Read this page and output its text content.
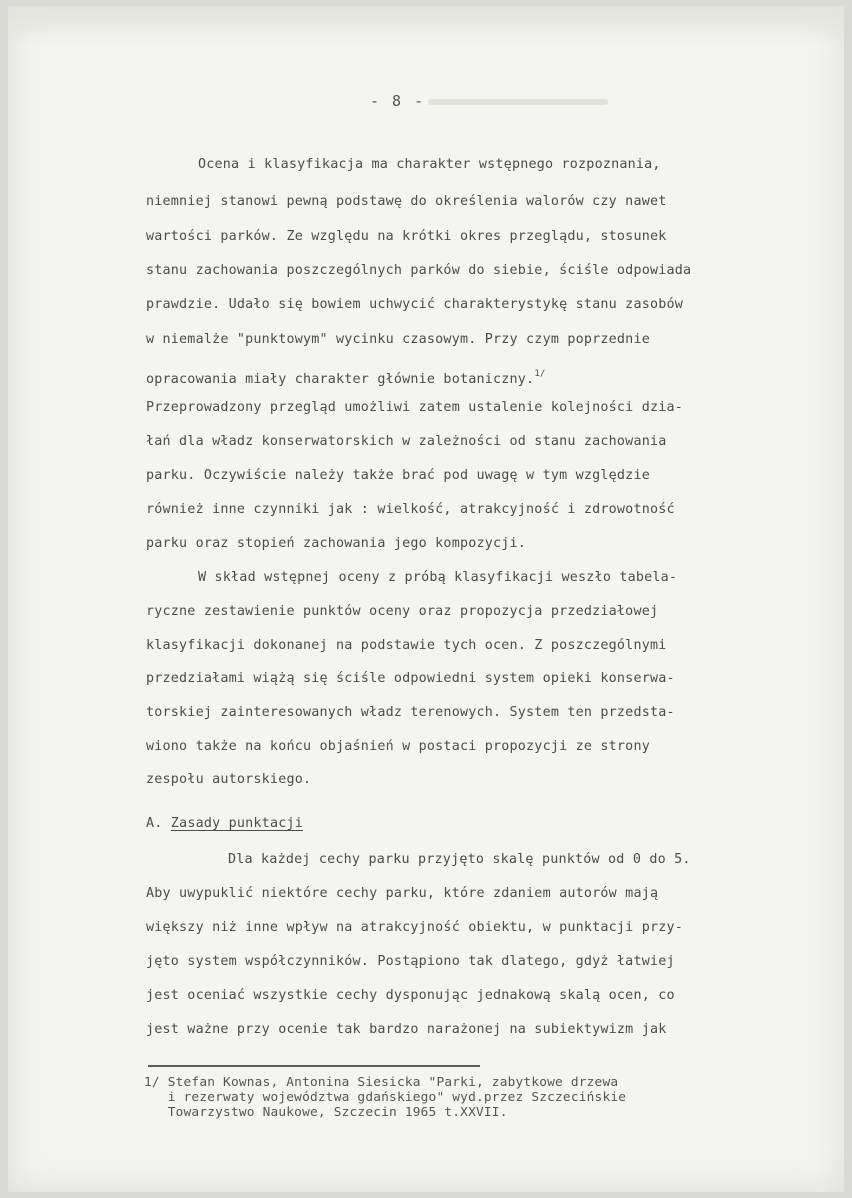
- 8 -
Ocena i klasyfikacja ma charakter wstępnego rozpoznania,
niemniej stanowi pewną podstawę do określenia walorów czy nawet
wartości parków. Ze względu na krótki okres przeglądu, stosunek
stanu zachowania poszczególnych parków do siebie, ściśle odpowiada
prawdzie. Udało się bowiem uchwycić charakterystykę stanu zasobów
w niemalże "punktowym" wycinku czasowym. Przy czym poprzednie
opracowania miały charakter głównie botaniczny.$^{1/}$
Przeprowadzony przegląd umożliwi zatem ustalenie kolejności dzia-
łań dla władz konserwatorskich w zależności od stanu zachowania
parku. Oczywiście należy także brać pod uwagę w tym względzie
również inne czynniki jak : wielkość, atrakcyjność i zdrowotność
parku oraz stopień zachowania jego kompozycji.
W skład wstępnej oceny z próbą klasyfikacji weszło tabela-
ryczne zestawienie punktów oceny oraz propozycja przedziałowej
klasyfikacji dokonanej na podstawie tych ocen. Z poszczególnymi
przedziałami wiążą się ściśle odpowiedni system opieki konserwa-
torskiej zainteresowanych władz terenowych. System ten przedsta-
wiono także na końcu objaśnień w postaci propozycji ze strony
zespołu autorskiego.
A. Zasady punktacji
Dla każdej cechy parku przyjęto skalę punktów od 0 do 5.
Aby uwypuklić niektóre cechy parku, które zdaniem autorów mają
większy niż inne wpływ na atrakcyjność obiektu, w punktacji przy-
jęto system współczynników. Postąpiono tak dlatego, gdyż łatwiej
jest oceniać wszystkie cechy dysponując jednakową skalą ocen, co
jest ważne przy ocenie tak bardzo narażonej na subiektywizm jak
1/ Stefan Kownas, Antonina Siesicka "Parki, zabytkowe drzewa
i rezerwaty województwa gdańskiego" wyd.przez Szczecińskie
Towarzystwo Naukowe, Szczecin 1965 t.XXVII.
